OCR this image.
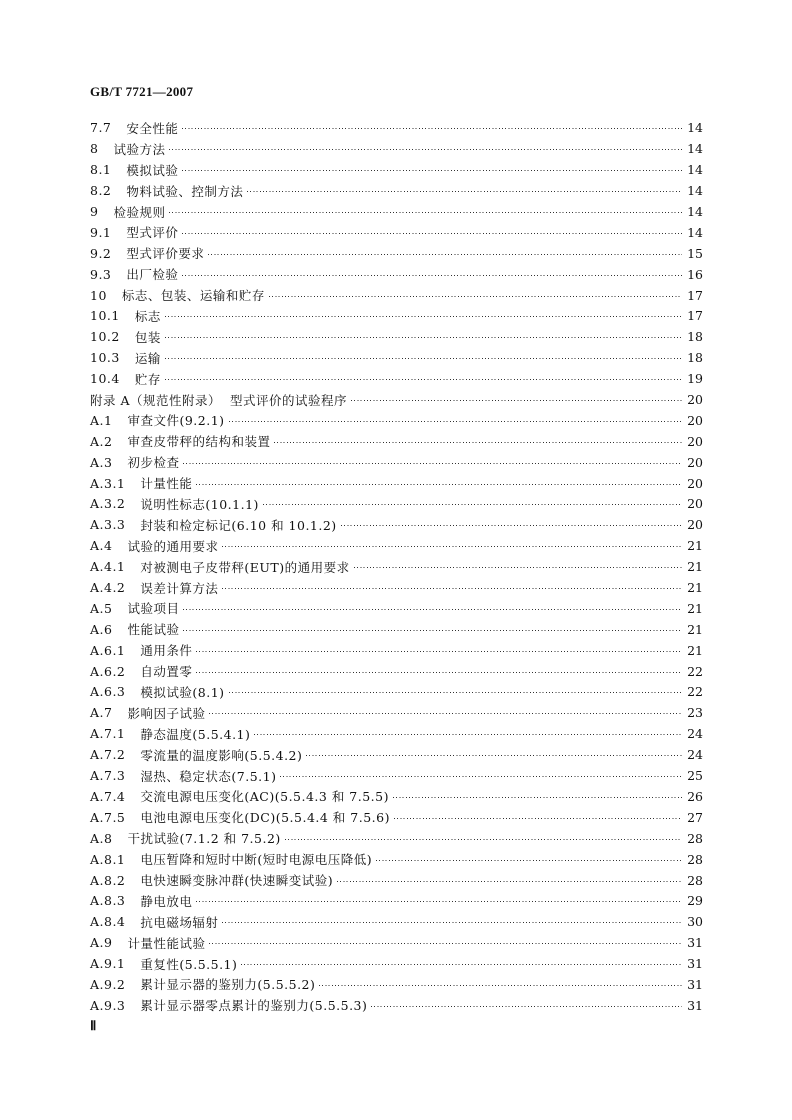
GB/T 7721—2007
7.7 安全性能	14
8 试验方法	14
8.1 模拟试验	14
8.2 物料试验、控制方法	14
9 检验规则	14
9.1 型式评价	14
9.2 型式评价要求	15
9.3 出厂检验	16
10 标志、包装、运输和贮存	17
10.1 标志	17
10.2 包装	18
10.3 运输	18
10.4 贮存	19
附录 A（规范性附录）  型式评价的试验程序	20
A.1 审查文件(9.2.1)	20
A.2 审查皮带秤的结构和装置	20
A.3 初步检查	20
A.3.1 计量性能	20
A.3.2 说明性标志(10.1.1)	20
A.3.3 封装和检定标记(6.10 和 10.1.2)	20
A.4 试验的通用要求	21
A.4.1 对被测电子皮带秤(EUT)的通用要求	21
A.4.2 误差计算方法	21
A.5 试验项目	21
A.6 性能试验	21
A.6.1 通用条件	21
A.6.2 自动置零	22
A.6.3 模拟试验(8.1)	22
A.7 影响因子试验	23
A.7.1 静态温度(5.5.4.1)	24
A.7.2 零流量的温度影响(5.5.4.2)	24
A.7.3 湿热、稳定状态(7.5.1)	25
A.7.4 交流电源电压变化(AC)(5.5.4.3 和 7.5.5)	26
A.7.5 电池电源电压变化(DC)(5.5.4.4 和 7.5.6)	27
A.8 干扰试验(7.1.2 和 7.5.2)	28
A.8.1 电压暂降和短时中断(短时电源电压降低)	28
A.8.2 电快速瞬变脉冲群(快速瞬变试验)	28
A.8.3 静电放电	29
A.8.4 抗电磁场辐射	30
A.9 计量性能试验	31
A.9.1 重复性(5.5.5.1)	31
A.9.2 累计显示器的鉴别力(5.5.5.2)	31
A.9.3 累计显示器零点累计的鉴别力(5.5.5.3)	31
Ⅱ
